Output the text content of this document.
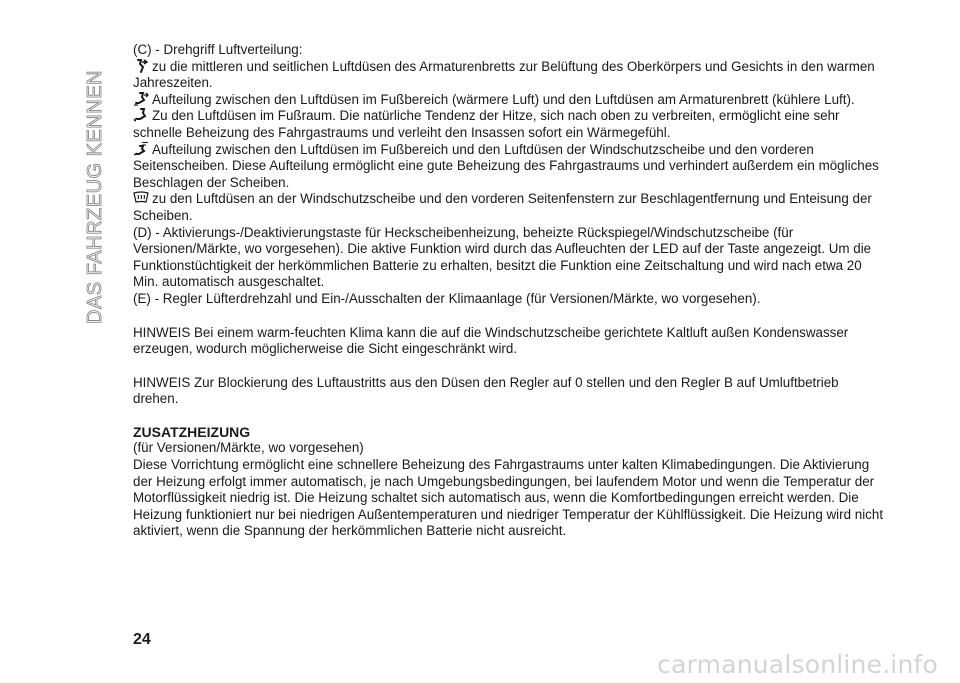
DAS FAHRZEUG KENNEN

(C) - Drehgriff Luftverteilung:

zu die mittleren und seitlichen Luftdüsen des Armaturenbretts zur Belüftung des Oberkörpers und Gesichts in den warmen Jahreszeiten.

Aufteilung zwischen den Luftdüsen im Fußbereich (wärmere Luft) und den Luftdüsen am Armaturenbrett (kühlere Luft).

Zu den Luftdüsen im Fußraum. Die natürliche Tendenz der Hitze, sich nach oben zu verbreiten, ermöglicht eine sehr schnelle Beheizung des Fahrgastraums und verleiht den Insassen sofort ein Wärmegefühl.

Aufteilung zwischen den Luftdüsen im Fußbereich und den Luftdüsen der Windschutzscheibe und den vorderen Seitenscheiben. Diese Aufteilung ermöglicht eine gute Beheizung des Fahrgastraums und verhindert außerdem ein mögliches Beschlagen der Scheiben.

zu den Luftdüsen an der Windschutzscheibe und den vorderen Seitenfenstern zur Beschlagentfernung und Enteisung der Scheiben.

(D) - Aktivierungs-/Deaktivierungstaste für Heckscheibenheizung, beheizte Rückspiegel/Windschutzscheibe (für Versionen/Märkte, wo vorgesehen). Die aktive Funktion wird durch das Aufleuchten der LED auf der Taste angezeigt. Um die Funktionstüchtigkeit der herkömmlichen Batterie zu erhalten, besitzt die Funktion eine Zeitschaltung und wird nach etwa 20 Min. automatisch ausgeschaltet.

(E) - Regler Lüfterdrehzahl und Ein-/Ausschalten der Klimaanlage (für Versionen/Märkte, wo vorgesehen).

HINWEIS Bei einem warm-feuchten Klima kann die auf die Windschutzscheibe gerichtete Kaltluft außen Kondenswasser erzeugen, wodurch möglicherweise die Sicht eingeschränkt wird.

HINWEIS Zur Blockierung des Luftaustritts aus den Düsen den Regler auf 0 stellen und den Regler B auf Umluftbetrieb drehen.

ZUSATZHEIZUNG

(für Versionen/Märkte, wo vorgesehen)

Diese Vorrichtung ermöglicht eine schnellere Beheizung des Fahrgastraums unter kalten Klimabedingungen. Die Aktivierung der Heizung erfolgt immer automatisch, je nach Umgebungsbedingungen, bei laufendem Motor und wenn die Temperatur der Motorflüssigkeit niedrig ist. Die Heizung schaltet sich automatisch aus, wenn die Komfortbedingungen erreicht werden. Die Heizung funktioniert nur bei niedrigen Außentemperaturen und niedriger Temperatur der Kühlflüssigkeit. Die Heizung wird nicht aktiviert, wenn die Spannung der herkömmlichen Batterie nicht ausreicht.

24
carmanualsonline.info
